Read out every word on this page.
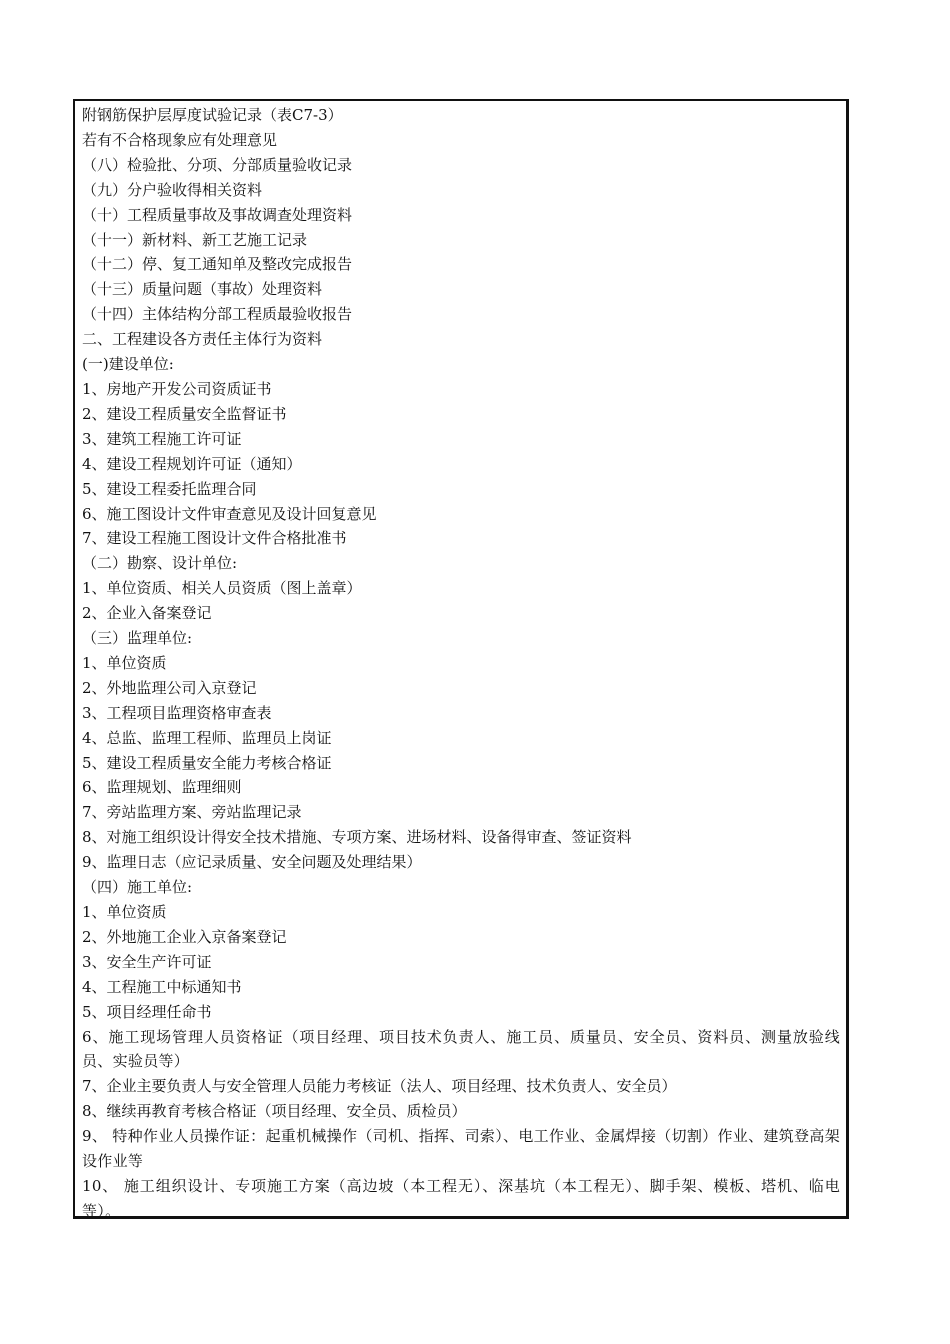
附钢筋保护层厚度试验记录（表C7-3）
若有不合格现象应有处理意见
（八）检验批、分项、分部质量验收记录
（九）分户验收得相关资料
（十）工程质量事故及事故调查处理资料
（十一）新材料、新工艺施工记录
（十二）停、复工通知单及整改完成报告
（十三）质量问题（事故）处理资料
（十四）主体结构分部工程质最验收报告
二、工程建设各方责任主体行为资料
(一)建设单位:
1、房地产开发公司资质证书
2、建设工程质量安全监督证书
3、建筑工程施工许可证
4、建设工程规划许可证（通知）
5、建设工程委托监理合同
6、施工图设计文件审查意见及设计回复意见
7、建设工程施工图设计文件合格批准书
（二）勘察、设计单位:
1、单位资质、相关人员资质（图上盖章）
2、企业入备案登记
（三）监理单位:
1、单位资质
2、外地监理公司入京登记
3、工程项目监理资格审查表
4、总监、监理工程师、监理员上岗证
5、建设工程质量安全能力考核合格证
6、监理规划、监理细则
7、旁站监理方案、旁站监理记录
8、对施工组织设计得安全技术措施、专项方案、进场材料、设备得审查、签证资料
9、监理日志（应记录质量、安全问题及处理结果）
（四）施工单位:
1、单位资质
2、外地施工企业入京备案登记
3、安全生产许可证
4、工程施工中标通知书
5、项目经理任命书
6、施工现场管理人员资格证（项目经理、项目技术负责人、施工员、质量员、安全员、资料员、测量放验线员、实验员等）
7、企业主要负责人与安全管理人员能力考核证（法人、项目经理、技术负责人、安全员）
8、继续再教育考核合格证（项目经理、安全员、质检员）
9、 特种作业人员操作证：起重机械操作（司机、指挥、司索）、电工作业、金属焊接（切割）作业、建筑登高架设作业等
10、 施工组织设计、专项施工方案（高边坡（本工程无）、深基坑（本工程无）、脚手架、模板、塔机、临电等）。
